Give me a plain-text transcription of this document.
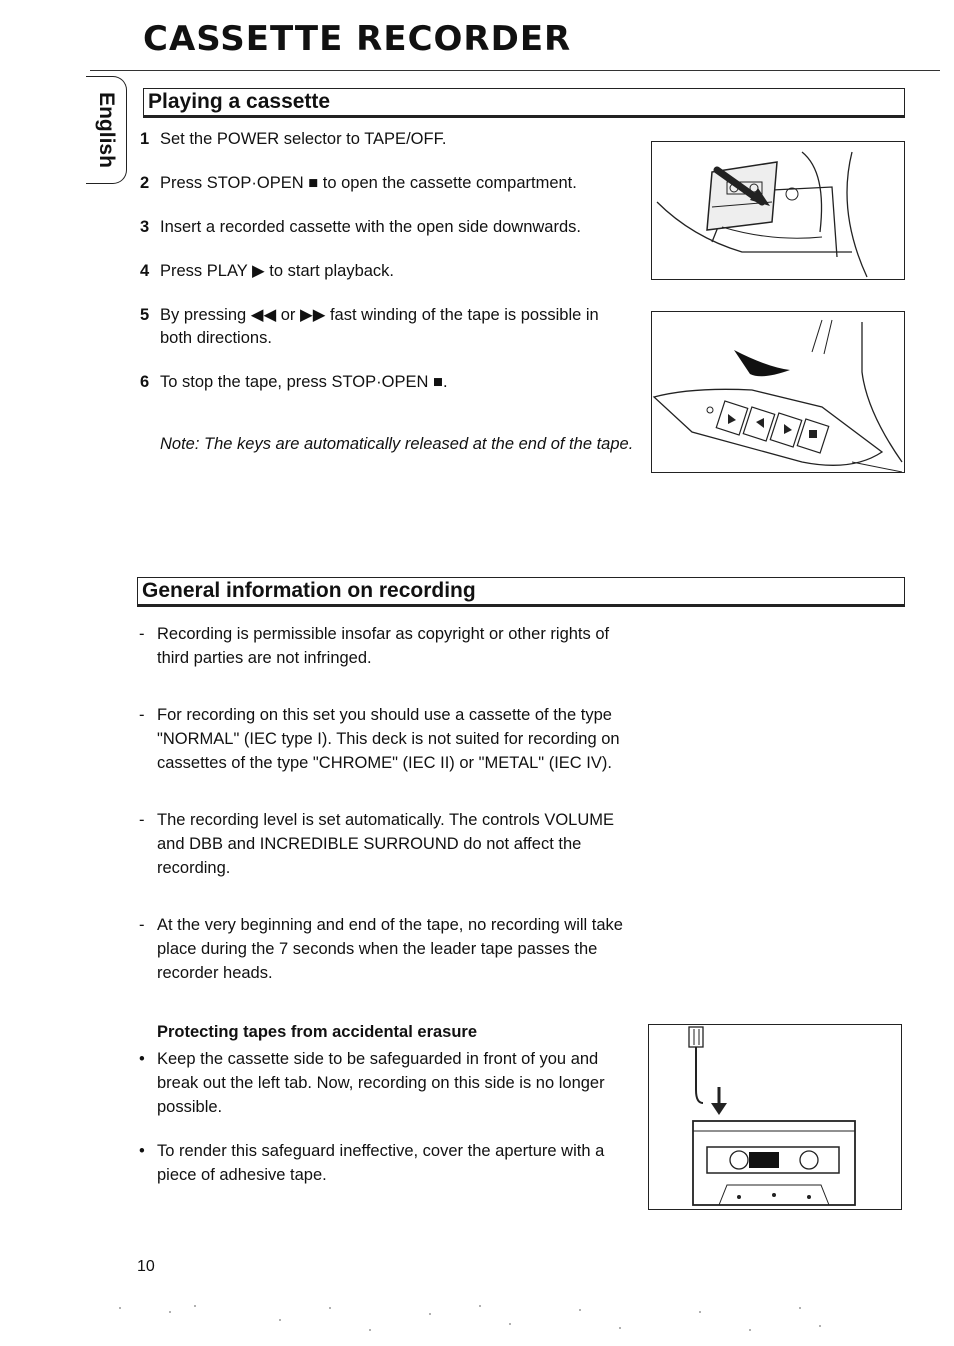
CASSETTE RECORDER
English Playing a cassette
1 Set the POWER selector to TAPE/OFF.
2 Press STOP·OPEN ■ to open the cassette compartment.
3 Insert a recorded cassette with the open side downwards.
4 Press PLAY ▶ to start playback.
5 By pressing ◀◀ or ▶▶ fast winding of the tape is possible in both directions.
6 To stop the tape, press STOP·OPEN ■.

Note: The keys are automatically released at the end of the tape.

General information on recording
- Recording is permissible insofar as copyright or other rights of third parties are not infringed.
- For recording on this set you should use a cassette of the type "NORMAL" (IEC type I). This deck is not suited for recording on cassettes of the type "CHROME" (IEC II) or "METAL" (IEC IV).
- The recording level is set automatically. The controls VOLUME and DBB and INCREDIBLE SURROUND do not affect the recording.
- At the very beginning and end of the tape, no recording will take place during the 7 seconds when the leader tape passes the recorder heads.

Protecting tapes from accidental erasure

• Keep the cassette side to be safeguarded in front of you and break out the left tab. Now, recording on this side is no longer possible.
• To render this safeguard ineffective, cover the aperture with a piece of adhesive tape.
10
